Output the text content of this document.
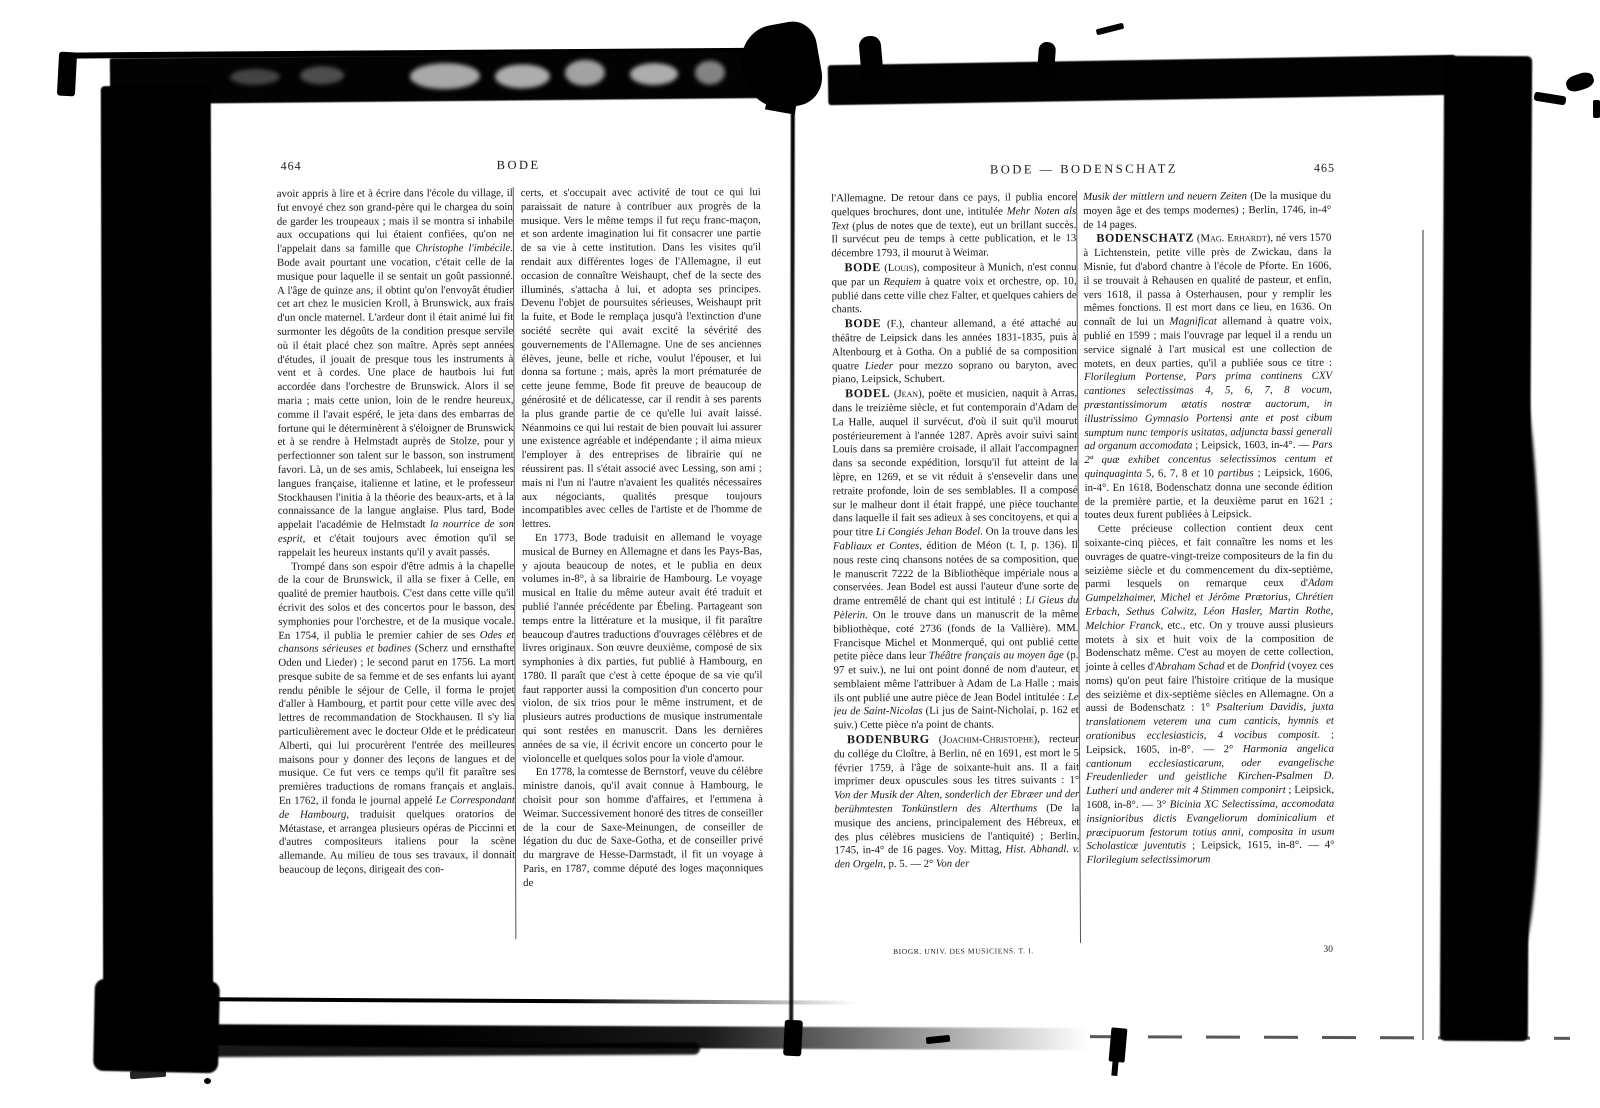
464	BODE

avoir appris à lire et à écrire dans l'école du village, il fut envoyé chez son grand-père qui le chargea du soin de garder les troupeaux ; mais il se montra si inhabile aux occupations qui lui étaient confiées, qu'on ne l'appelait dans sa famille que Christophe l'imbécile. Bode avait pourtant une vocation, c'était celle de la musique pour laquelle il se sentait un goût passionné. A l'âge de quinze ans, il obtint qu'on l'envoyât étudier cet art chez le musicien Kroll, à Brunswick, aux frais d'un oncle maternel. L'ardeur dont il était animé lui fit surmonter les dégoûts de la condition presque servile où il était placé chez son maître. Après sept années d'études, il jouait de presque tous les instruments à vent et à cordes. Une place de hautbois lui fut accordée dans l'orchestre de Brunswick. Alors il se maria ; mais cette union, loin de le rendre heureux, comme il l'avait espéré, le jeta dans des embarras de fortune qui le déterminèrent à s'éloigner de Brunswick et à se rendre à Helmstadt auprès de Stolze, pour y perfectionner son talent sur le basson, son instrument favori. Là, un de ses amis, Schlabeek, lui enseigna les langues française, italienne et latine, et le professeur Stockhausen l'initia à la théorie des beaux-arts, et à la connaissance de la langue anglaise. Plus tard, Bode appelait l'académie de Helmstadt la nourrice de son esprit, et c'était toujours avec émotion qu'il se rappelait les heureux instants qu'il y avait passés.

Trompé dans son espoir d'être admis à la chapelle de la cour de Brunswick, il alla se fixer à Celle, en qualité de premier hautbois. C'est dans cette ville qu'il écrivit des solos et des concertos pour le basson, des symphonies pour l'orchestre, et de la musique vocale. En 1754, il publia le premier cahier de ses Odes et chansons sérieuses et badines (Scherz und ernsthafte Oden und Lieder) ; le second parut en 1756. La mort presque subite de sa femme et de ses enfants lui ayant rendu pénible le séjour de Celle, il forma le projet d'aller à Hambourg, et partit pour cette ville avec des lettres de recommandation de Stockhausen. Il s'y lia particulièrement avec le docteur Olde et le prédicateur Alberti, qui lui procurèrent l'entrée des meilleures maisons pour y donner des leçons de langues et de musique. Ce fut vers ce temps qu'il fit paraître ses premières traductions de romans français et anglais. En 1762, il fonda le journal appelé Le Correspondant de Hambourg, traduisit quelques oratorios de Métastase, et arrangea plusieurs opéras de Piccinni et d'autres compositeurs italiens pour la scène allemande. Au milieu de tous ses travaux, il donnait beaucoup de leçons, dirigeait des con-

certs, et s'occupait avec activité de tout ce qui lui paraissait de nature à contribuer aux progrès de la musique. Vers le même temps il fut reçu franc-maçon, et son ardente imagination lui fit consacrer une partie de sa vie à cette institution. Dans les visites qu'il rendait aux différentes loges de l'Allemagne, il eut occasion de connaître Weishaupt, chef de la secte des illuminés, s'attacha à lui, et adopta ses principes. Devenu l'objet de poursuites sérieuses, Weishaupt prit la fuite, et Bode le remplaça jusqu'à l'extinction d'une société secrète qui avait excité la sévérité des gouvernements de l'Allemagne. Une de ses anciennes élèves, jeune, belle et riche, voulut l'épouser, et lui donna sa fortune ; mais, après la mort prématurée de cette jeune femme, Bode fit preuve de beaucoup de générosité et de délicatesse, car il rendit à ses parents la plus grande partie de ce qu'elle lui avait laissé. Néanmoins ce qui lui restait de bien pouvait lui assurer une existence agréable et indépendante ; il aima mieux l'employer à des entreprises de librairie qui ne réussirent pas. Il s'était associé avec Lessing, son ami ; mais ni l'un ni l'autre n'avaient les qualités nécessaires aux négociants, qualités presque toujours incompatibles avec celles de l'artiste et de l'homme de lettres.

En 1773, Bode traduisit en allemand le voyage musical de Burney en Allemagne et dans les Pays-Bas, y ajouta beaucoup de notes, et le publia en deux volumes in-8°, à sa librairie de Hambourg. Le voyage musical en Italie du même auteur avait été traduit et publié l'année précédente par Ébeling. Partageant son temps entre la littérature et la musique, il fit paraître beaucoup d'autres traductions d'ouvrages célèbres et de livres originaux. Son œuvre deuxième, composé de six symphonies à dix parties, fut publié à Hambourg, en 1780. Il paraît que c'est à cette époque de sa vie qu'il faut rapporter aussi la composition d'un concerto pour violon, de six trios pour le même instrument, et de plusieurs autres productions de musique instrumentale qui sont restées en manuscrit. Dans les dernières années de sa vie, il écrivit encore un concerto pour le violoncelle et quelques solos pour la viole d'amour.

En 1778, la comtesse de Bernstorf, veuve du célèbre ministre danois, qu'il avait connue à Hambourg, le choisit pour son homme d'affaires, et l'emmena à Weimar. Successivement honoré des titres de conseiller de la cour de Saxe-Meinungen, de conseiller de légation du duc de Saxe-Gotha, et de conseiller privé du margrave de Hesse-Darmstadt, il fit un voyage à Paris, en 1787, comme député des loges maçonniques de

BODE — BODENSCHATZ	465

l'Allemagne. De retour dans ce pays, il publia encore quelques brochures, dont une, intitulée Mehr Noten als Text (plus de notes que de texte), eut un brillant succès. Il survécut peu de temps à cette publication, et le 13 décembre 1793, il mourut à Weimar.

BODE (Louis), compositeur à Munich, n'est connu que par un Requiem à quatre voix et orchestre, op. 10, publié dans cette ville chez Falter, et quelques cahiers de chants.

BODE (F.), chanteur allemand, a été attaché au théâtre de Leipsick dans les années 1831-1835, puis à Altenbourg et à Gotha. On a publié de sa composition quatre Lieder pour mezzo soprano ou baryton, avec piano, Leipsick, Schubert.

BODEL (Jean), poëte et musicien, naquit à Arras, dans le treizième siècle, et fut contemporain d'Adam de La Halle, auquel il survécut, d'où il suit qu'il mourut postérieurement à l'année 1287. Après avoir suivi saint Louis dans sa première croisade, il allait l'accompagner dans sa seconde expédition, lorsqu'il fut atteint de la lèpre, en 1269, et se vit réduit à s'ensevelir dans une retraite profonde, loin de ses semblables. Il a composé sur le malheur dont il était frappé, une pièce touchante dans laquelle il fait ses adieux à ses concitoyens, et qui a pour titre Li Congiés Jehan Bodel. On la trouve dans les Fabliaux et Contes, édition de Méon (t. I, p. 136). Il nous reste cinq chansons notées de sa composition, que le manuscrit 7222 de la Bibliothèque impériale nous a conservées. Jean Bodel est aussi l'auteur d'une sorte de drame entremêlé de chant qui est intitulé : Li Gieus du Pèlerin. On le trouve dans un manuscrit de la même bibliothèque, coté 2736 (fonds de la Vallière). MM. Francisque Michel et Monmerqué, qui ont publié cette petite pièce dans leur Théâtre français au moyen âge (p. 97 et suiv.), ne lui ont point donné de nom d'auteur, et semblaient même l'attribuer à Adam de La Halle ; mais ils ont publié une autre pièce de Jean Bodel intitulée : Le jeu de Saint-Nicolas (Li jus de Saint-Nicholai, p. 162 et suiv.) Cette pièce n'a point de chants.

BODENBURG (Joachim-Christophe), recteur du collége du Cloître, à Berlin, né en 1691, est mort le 5 février 1759, à l'âge de soixante-huit ans. Il a fait imprimer deux opuscules sous les titres suivants : 1° Von der Musik der Alten, sonderlich der Ebræer und der berühmtesten Tonkünstlern des Alterthums (De la musique des anciens, principalement des Hébreux, et des plus célèbres musiciens de l'antiquité) ; Berlin, 1745, in-4° de 16 pages. Voy. Mittag, Hist. Abhandl. v. den Orgeln, p. 5. — 2° Von der

Musik der mittlern und neuern Zeiten (De la musique du moyen âge et des temps modernes) ; Berlin, 1746, in-4° de 14 pages.

BODENSCHATZ (Mag. Erhardt), né vers 1570 à Lichtenstein, petite ville près de Zwickau, dans la Misnie, fut d'abord chantre à l'école de Pforte. En 1606, il se trouvait à Rehausen en qualité de pasteur, et enfin, vers 1618, il passa à Osterhausen, pour y remplir les mêmes fonctions. Il est mort dans ce lieu, en 1636. On connaît de lui un Magnificat allemand à quatre voix, publié en 1599 ; mais l'ouvrage par lequel il a rendu un service signalé à l'art musical est une collection de motets, en deux parties, qu'il a publiée sous ce titre : Florilegium Portense, Pars prima continens CXV cantiones selectissimas 4, 5, 6, 7, 8 vocum, præstantissimorum ætatis nostræ auctorum, in illustrissimo Gymnasio Portensi ante et post cibum sumptum nunc temporis usitatas, adjuncta bassi generali ad organum accomodata ; Leipsick, 1603, in-4°. — Pars 2ª quæ exhibet concentus selectissimos centum et quinquaginta 5, 6, 7, 8 et 10 partibus ; Leipsick, 1606, in-4°. En 1618, Bodenschatz donna une seconde édition de la première partie, et la deuxième parut en 1621 ; toutes deux furent publiées à Leipsick.

Cette précieuse collection contient deux cent soixante-cinq pièces, et fait connaître les noms et les ouvrages de quatre-vingt-treize compositeurs de la fin du seizième siècle et du commencement du dix-septième, parmi lesquels on remarque ceux d'Adam Gumpelzhaimer, Michel et Jérôme Prætorius, Chrétien Erbach, Sethus Calwitz, Léon Hasler, Martin Rothe, Melchior Franck, etc., etc. On y trouve aussi plusieurs motets à six et huit voix de la composition de Bodenschatz même. C'est au moyen de cette collection, jointe à celles d'Abraham Schad et de Donfrid (voyez ces noms) qu'on peut faire l'histoire critique de la musique des seizième et dix-septième siècles en Allemagne. On a aussi de Bodenschatz : 1° Psalterium Davidis, juxta translationem veterem una cum canticis, hymnis et orationibus ecclesiasticis, 4 vocibus composit. ; Leipsick, 1605, in-8°. — 2° Harmonia angelica cantionum ecclesiasticarum, oder evangelische Freudenlieder und geistliche Kirchen-Psalmen D. Lutheri und anderer mit 4 Stimmen componirt ; Leipsick, 1608, in-8°. — 3° Bicinia XC Selectissima, accomodata insignioribus dictis Evangeliorum dominicalium et præcipuorum festorum totius anni, composita in usum Scholasticæ juventutis ; Leipsick, 1615, in-8°. — 4° Florilegium selectissimorum

BIOGR. UNIV. DES MUSICIENS. T. I.	30
